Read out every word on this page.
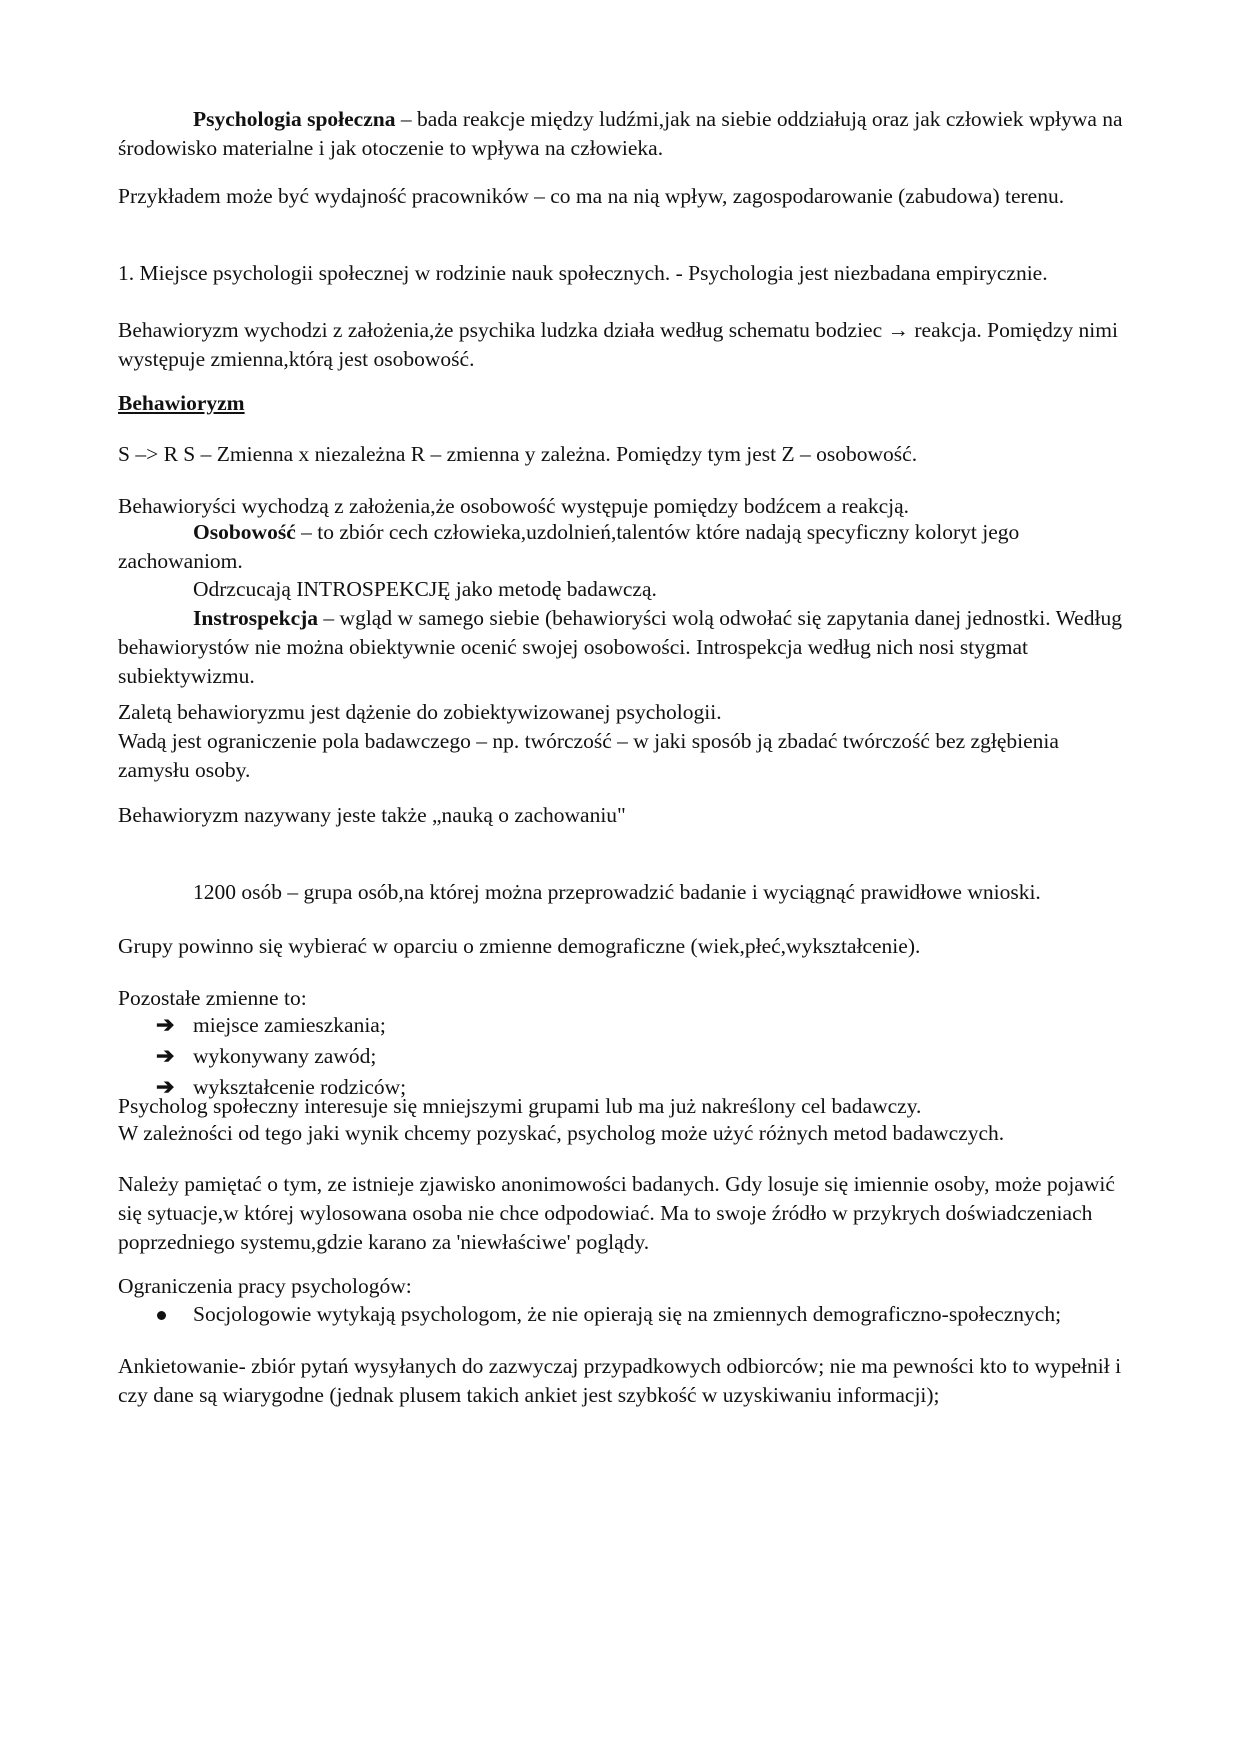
Psychologia społeczna – bada reakcje między ludźmi,jak na siebie oddziałują oraz jak człowiek wpływa na środowisko materialne i jak otoczenie to wpływa na człowieka.

Przykładem może być wydajność pracowników – co ma na nią wpływ, zagospodarowanie (zabudowa) terenu.

1. Miejsce psychologii społecznej w rodzinie nauk społecznych. - Psychologia jest niezbadana empirycznie.

Behawioryzm wychodzi z założenia,że psychika ludzka działa według schematu bodziec → reakcja. Pomiędzy nimi występuje zmienna,którą jest osobowość.

Behawioryzm

S –> R S – Zmienna x niezależna R – zmienna y zależna. Pomiędzy tym jest Z – osobowość.

Behawioryści wychodzą z założenia,że osobowość występuje pomiędzy bodźcem a reakcją.

Osobowość – to zbiór cech człowieka,uzdolnień,talentów które nadają specyficzny koloryt jego zachowaniom.

Odrzcucają INTROSPEKCJĘ jako metodę badawczą.

Instrospekcja – wgląd w samego siebie (behawioryści wolą odwołać się zapytania danej jednostki. Według behawiorystów nie można obiektywnie ocenić swojej osobowości. Introspekcja według nich nosi stygmat subiektywizmu.

Zaletą behawioryzmu jest dążenie do zobiektywizowanej psychologii.

Wadą jest ograniczenie pola badawczego – np. twórczość – w jaki sposób ją zbadać twórczość bez zgłębienia zamysłu osoby.

Behawioryzm nazywany jeste także „nauką o zachowaniu"

1200 osób – grupa osób,na której można przeprowadzić badanie i wyciągnąć prawidłowe wnioski.

Grupy powinno się wybierać w oparciu o zmienne demograficzne (wiek,płeć,wykształcenie).

Pozostałe zmienne to:

➔ miejsce zamieszkania;
➔ wykonywany zawód;
➔ wykształcenie rodziców;

Psycholog społeczny interesuje się mniejszymi grupami lub ma już nakreślony cel badawczy.

W zależności od tego jaki wynik chcemy pozyskać, psycholog może użyć różnych metod badawczych.

Należy pamiętać o tym, ze istnieje zjawisko anonimowości badanych. Gdy losuje się imiennie osoby, może pojawić się sytuacje,w której wylosowana osoba nie chce odpodowiać. Ma to swoje źródło w przykrych doświadczeniach poprzedniego systemu,gdzie karano za 'niewłaściwe' poglądy.

Ograniczenia pracy psychologów:

Socjologowie wytykają psychologom, że nie opierają się na zmiennych demograficzno-społecznych;

Ankietowanie- zbiór pytań wysyłanych do zazwyczaj przypadkowych odbiorców; nie ma pewności kto to wypełnił i czy dane są wiarygodne (jednak plusem takich ankiet jest szybkość w uzyskiwaniu informacji);
